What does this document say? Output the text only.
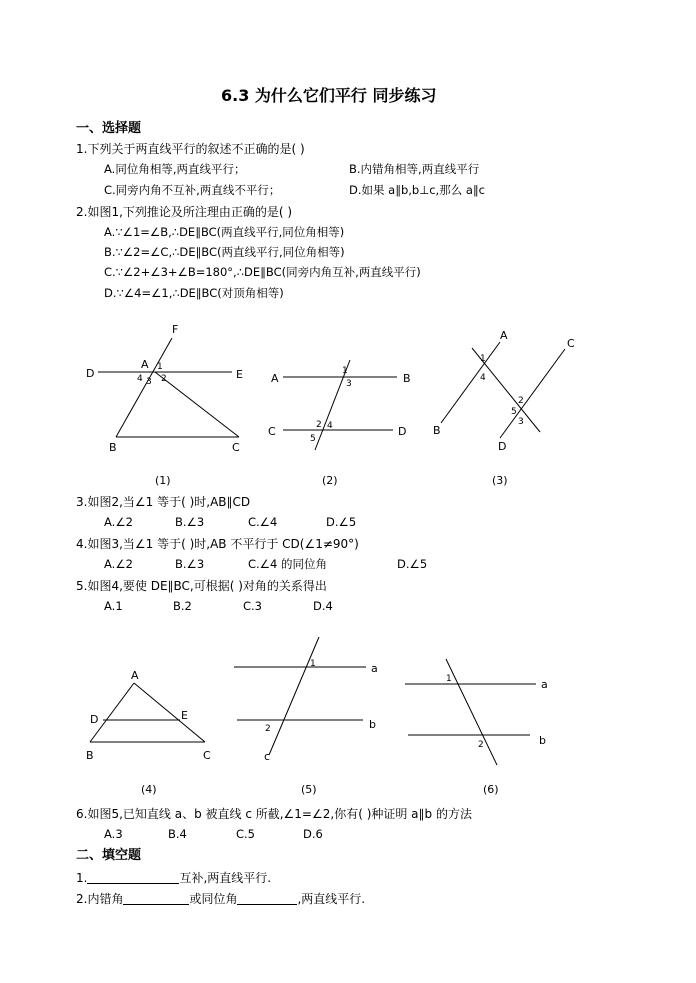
6.3 为什么它们平行 同步练习
一、选择题
1.下列关于两直线平行的叙述不正确的是( )
A.同位角相等,两直线平行；	B.内错角相等,两直线平行
C.同旁内角不互补,两直线不平行；	D.如果 a∥b,b⊥c,那么 a∥c
2.如图1,下列推论及所注理由正确的是( )
A.∵∠1=∠B,∴DE∥BC(两直线平行,同位角相等)
B.∵∠2=∠C,∴DE∥BC(两直线平行,同位角相等)
C.∵∠2+∠3+∠B=180°,∴DE∥BC(同旁内角互补,两直线平行)
D.∵∠4=∠1,∴DE∥BC(对顶角相等)
F
A
D	E
B	C
1
2
3
4	A	B
C	D
1
3
2 4
5
A
B
C
D
1
4
2
5
3
(1)	(2)	(3)
3.如图2,当∠1 等于( )时,AB∥CD
A.∠2	B.∠3	C.∠4	D.∠5
4.如图3,当∠1 等于( )时,AB 不平行于 CD(∠1≠90°)
A.∠2	B.∠3	C.∠4 的同位角	D.∠5
5.如图4,要使 DE∥BC,可根据( )对角的关系得出
A.1	B.2	C.3	D.4
A
D	E
B	C
a
b
c
1
2
a
b
1
2
(4)	(5)	(6)
6.如图5,已知直线 a、b 被直线 c 所截,∠1=∠2,你有( )种证明 a∥b 的方法
A.3	B.4	C.5	D.6
二、填空题
1.	互补,两直线平行.
2.内错角	或同位角	,两直线平行.
